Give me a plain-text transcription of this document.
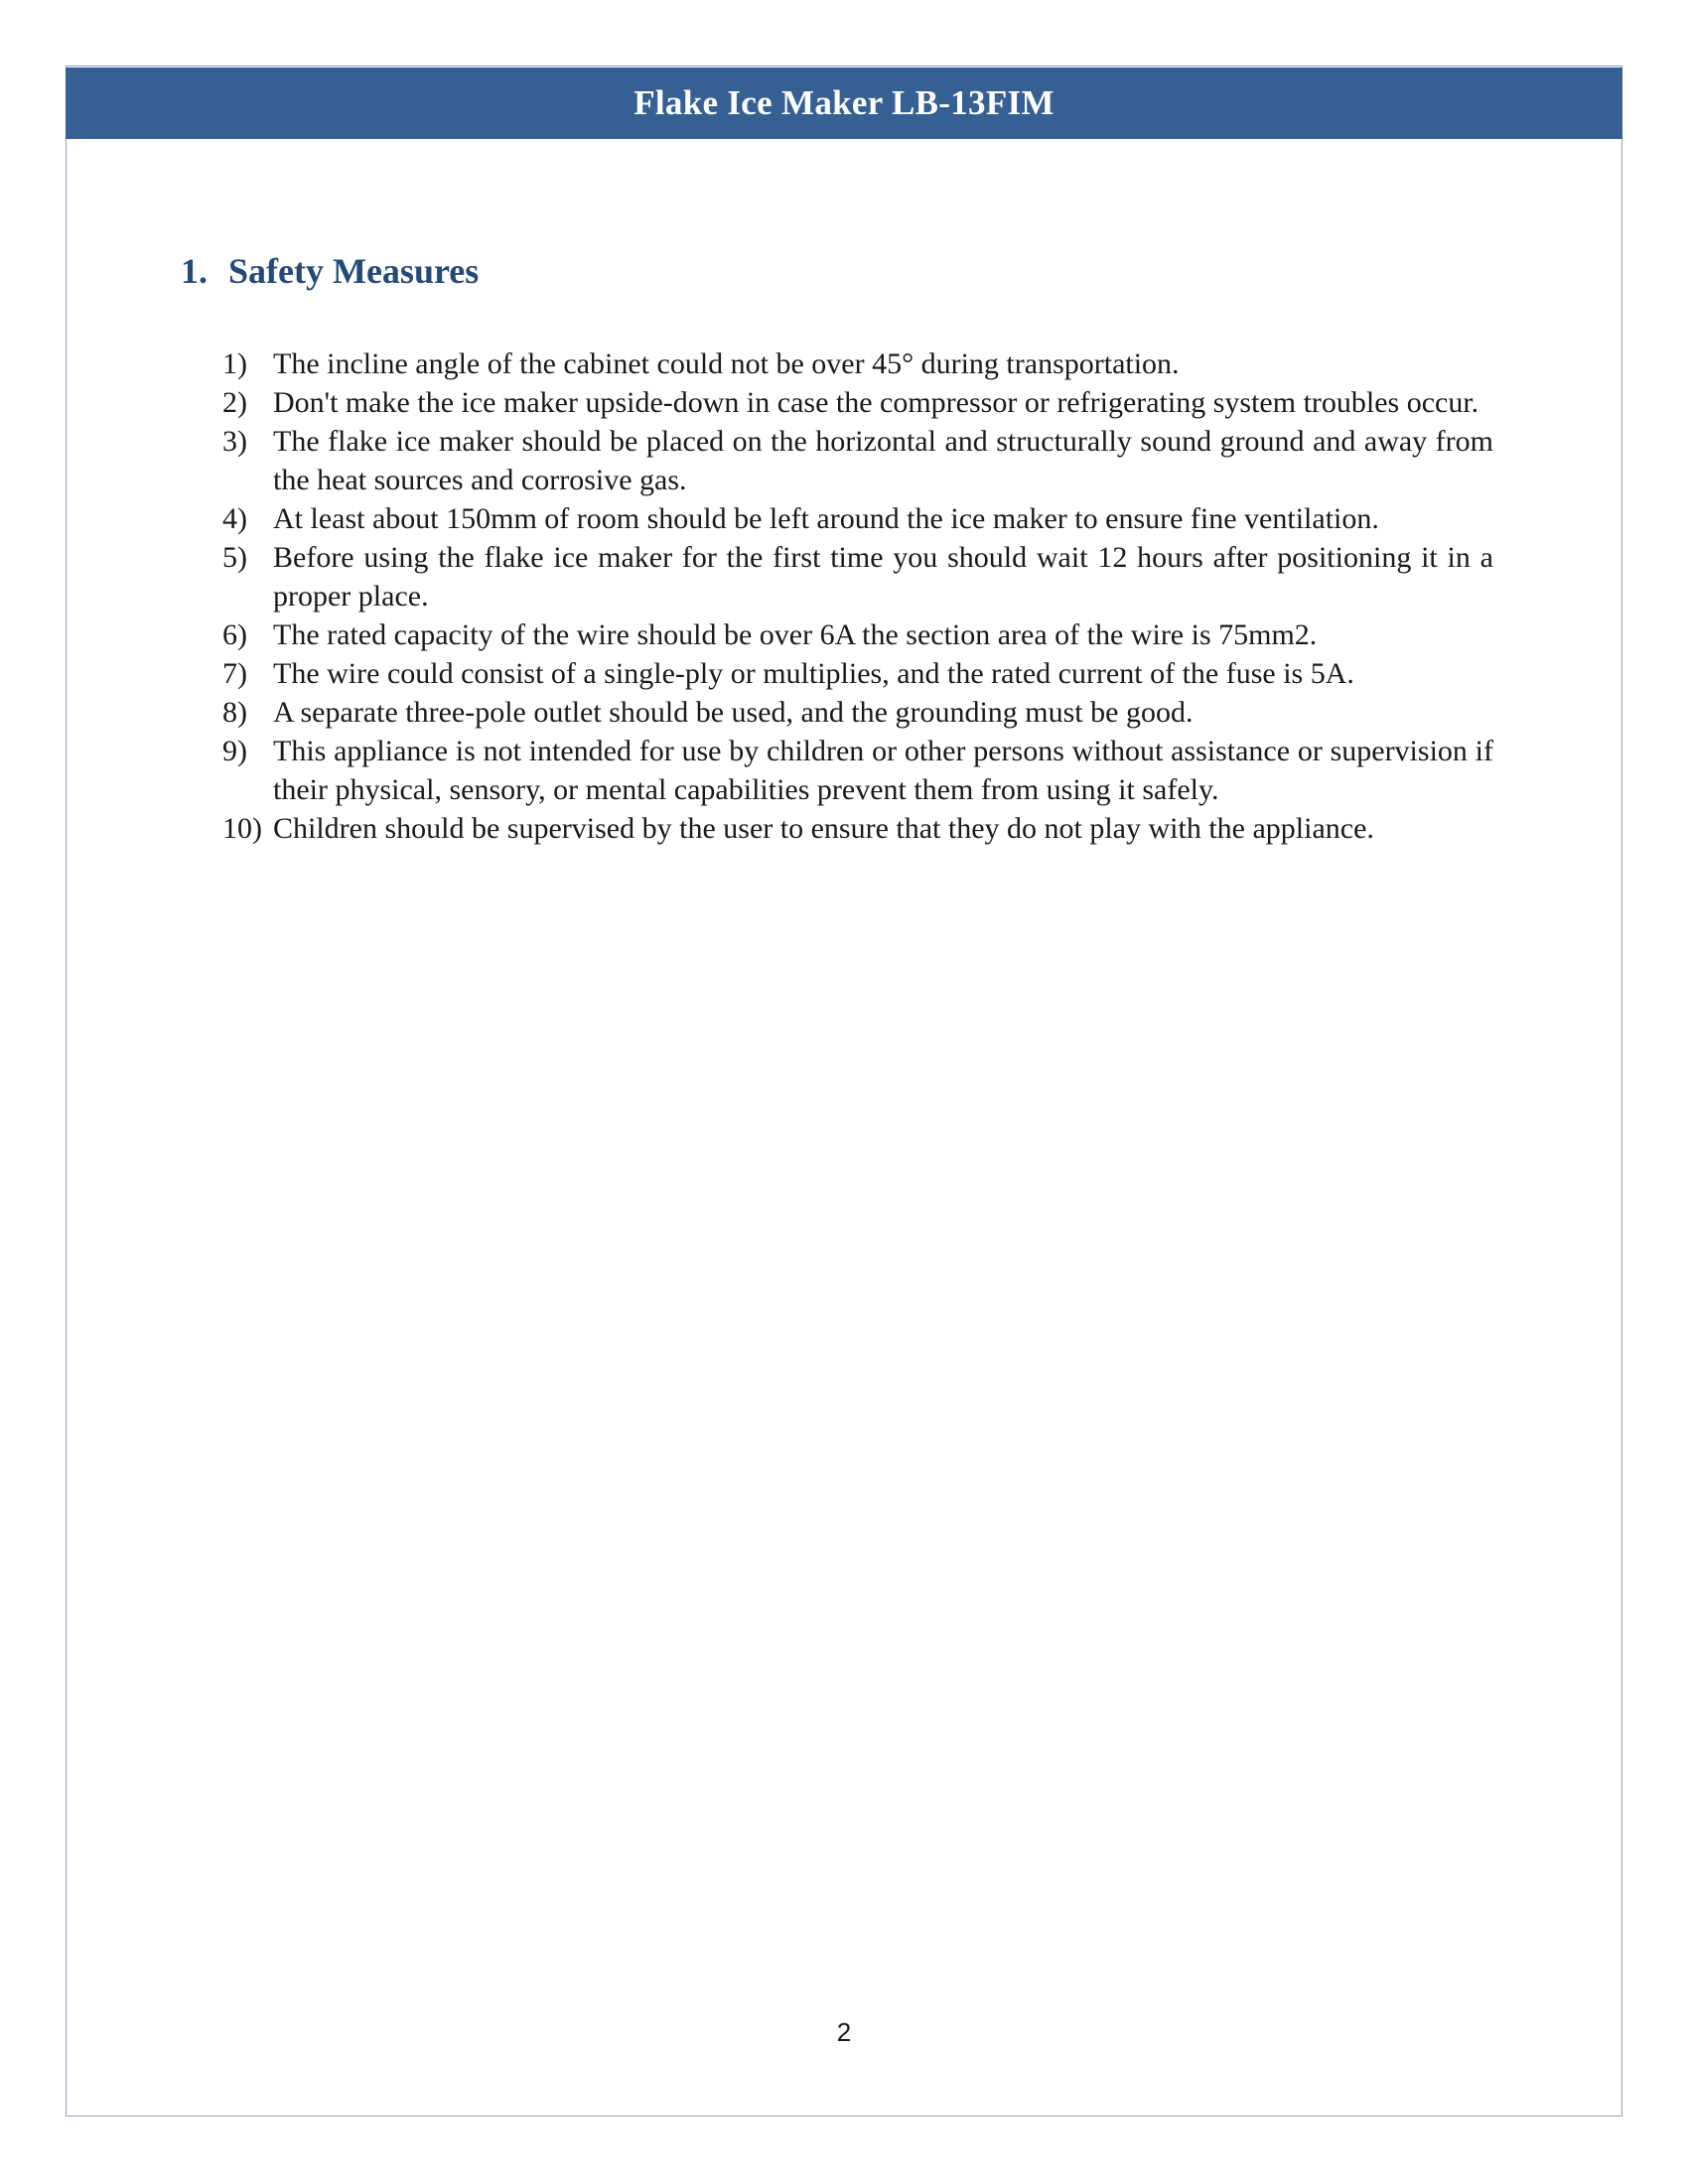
Flake Ice Maker LB-13FIM
1. Safety Measures
1) The incline angle of the cabinet could not be over 45° during transportation.
2) Don't make the ice maker upside-down in case the compressor or refrigerating system troubles occur.
3) The flake ice maker should be placed on the horizontal and structurally sound ground and away from the heat sources and corrosive gas.
4) At least about 150mm of room should be left around the ice maker to ensure fine ventilation.
5) Before using the flake ice maker for the first time you should wait 12 hours after positioning it in a proper place.
6) The rated capacity of the wire should be over 6A the section area of the wire is 75mm2.
7) The wire could consist of a single-ply or multiplies, and the rated current of the fuse is 5A.
8) A separate three-pole outlet should be used, and the grounding must be good.
9) This appliance is not intended for use by children or other persons without assistance or supervision if their physical, sensory, or mental capabilities prevent them from using it safely.
10) Children should be supervised by the user to ensure that they do not play with the appliance.
2
